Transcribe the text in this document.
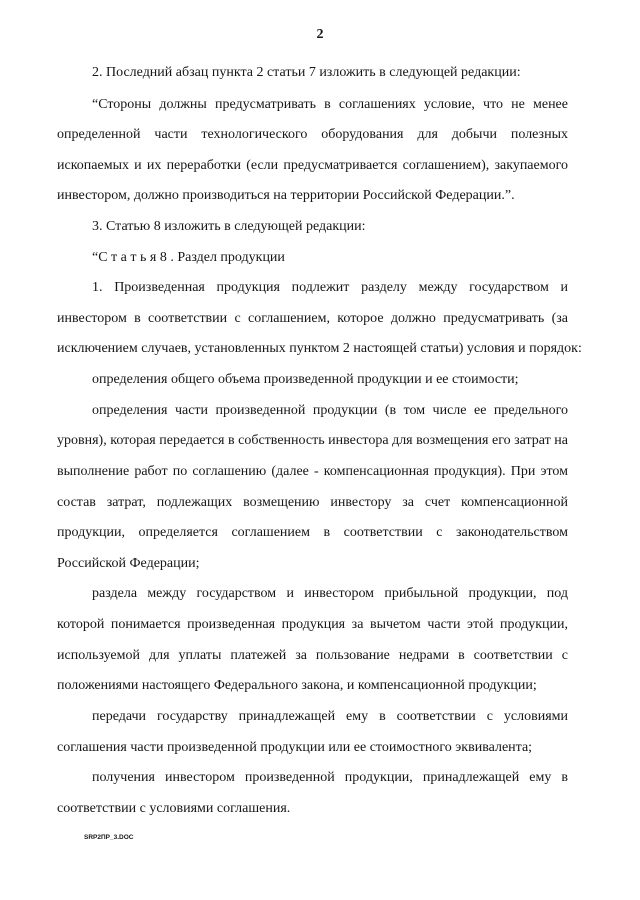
2
2. Последний абзац пункта 2 статьи 7 изложить в следующей редакции:
“Стороны должны предусматривать в соглашениях условие, что не менее
определенной части технологического оборудования для добычи полезных
ископаемых и их переработки (если предусматривается соглашением), закупаемого
инвестором, должно производиться на территории Российской Федерации.”.
3. Статью 8 изложить в следующей редакции:
“С т а т ь я 8 . Раздел продукции
1. Произведенная продукция подлежит разделу между государством и
инвестором в соответствии с соглашением, которое должно предусматривать (за
исключением случаев, установленных пунктом 2 настоящей статьи) условия и порядок:
определения общего объема произведенной продукции и ее стоимости;
определения части произведенной продукции (в том числе ее предельного
уровня), которая передается в собственность инвестора для возмещения его затрат на
выполнение работ по соглашению (далее - компенсационная продукция). При этом
состав затрат, подлежащих возмещению инвестору за счет компенсационной
продукции, определяется соглашением в соответствии с законодательством
Российской Федерации;
раздела между государством и инвестором прибыльной продукции, под
которой понимается произведенная продукция за вычетом части этой продукции,
используемой для уплаты платежей за пользование недрами в соответствии с
положениями настоящего Федерального закона, и компенсационной продукции;
передачи государству принадлежащей ему в соответствии с условиями
соглашения части произведенной продукции или ее стоимостного эквивалента;
получения инвестором произведенной продукции, принадлежащей ему в
соответствии с условиями соглашения.
SRP2ПР_3.DOC
